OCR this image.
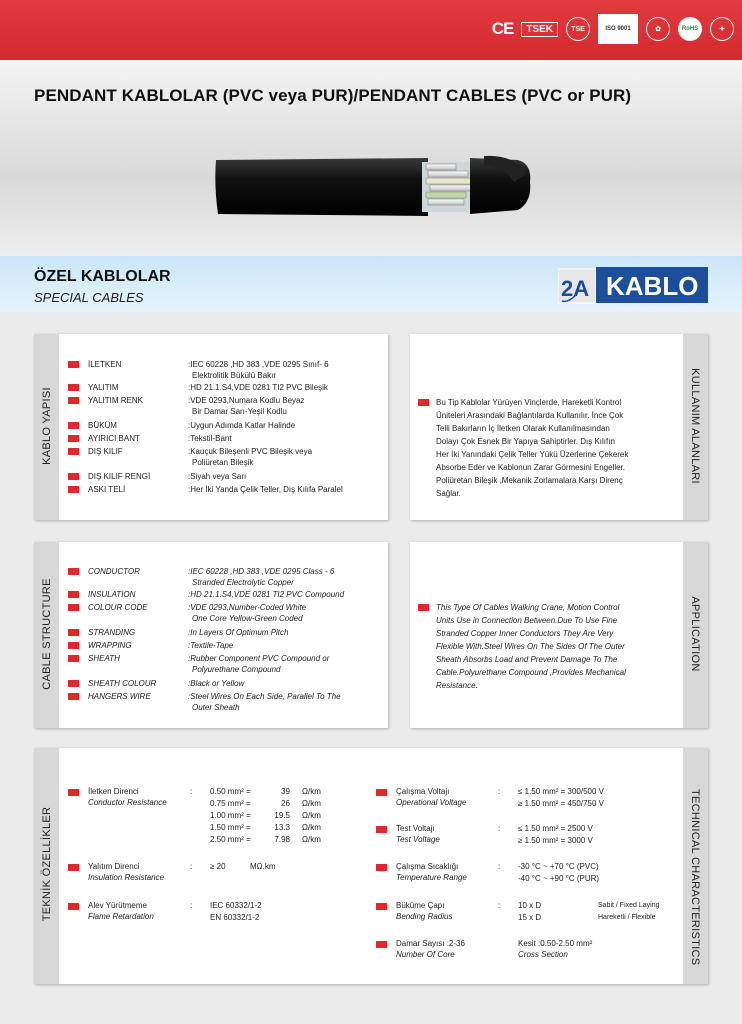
CE	TSEK	TSE	ISO 9001	✿	RoHS	✦
PENDANT KABLOLAR (PVC veya PUR)/PENDANT CABLES (PVC or PUR)
ÖZEL KABLOLAR
SPECIAL CABLES	2A KABLO
KABLO YAPISI
İLETKEN	:IEC 60228 ,HD 383 ,VDE 0295 Sınıf- 6
Elektrolitik Bükülü Bakır
YALITIM	:HD 21.1.S4,VDE 0281 TI2 PVC Bileşik
YALITIM RENK	:VDE 0293,Numara Kodlu Beyaz
Bir Damar Sarı-Yeşil Kodlu
BÜKÜM	:Uygun Adımda Katlar Halinde
AYIRICI BANT	:Tekstil-Bant
DIŞ KILIF	:Kauçuk Bileşenli PVC Bileşik veya
Poliüretan Bileşik
DIŞ KILIF RENGİ	:Siyah veya Sarı
ASKI TELİ	:Her İki Yanda Çelik Teller, Dış Kılıfa Paralel
KULLANIM ALANLARI
Bu Tip Kablolar Yürüyen Vinçlerde, Hareketli Kontrol
Üniteleri Arasındaki Bağlantılarda Kullanılır. İnce Çok
Telli Bakırların İç İletken Olarak Kullanılmasından
Dolayı Çok Esnek Bir Yapıya Sahiptirler. Dış Kılıfın
Her İki Yanındaki Çelik Teller Yükü Üzerlerine Çekerek
Absorbe Eder ve Kablonun Zarar Görmesini Engeller.
Poliüretan Bileşik ,Mekanik Zorlamalara Karşı Direnç
Sağlar.
CABLE STRUCTURE
CONDUCTOR	:IEC 60228 ,HD 383 ,VDE 0295 Class - 6
Stranded Electrolytic Copper
INSULATION	:HD 21.1.S4,VDE 0281 TI2 PVC Compound
COLOUR CODE	:VDE 0293,Number-Coded White
One Core Yellow-Green Coded
STRANDING	:In Layers Of Optimum Pitch
WRAPPING	:Textile-Tape
SHEATH	:Rubber Component PVC Compound or
Polyurethane Compound
SHEATH COLOUR	:Black or Yellow
HANGERS WIRE	:Steel Wires On Each Side, Parallel To The
Outer Sheath
APPLICATION
This Type Of Cables Walking Crane, Motion Control
Units Use in Connection Between.Due To Use Fine
Stranded Copper Inner Conductors They Are Very
Flexible With.Steel Wires On The Sides Of The Outer
Sheath Absorbs Load and Prevent Damage To The
Cable.Polyurethane Compound ,Provides Mechanical
Resistance.
TEKNİK ÖZELLİKLER	TECHNICAL CHARACTERISTICS
İletken Direnci
Conductor Resistance
: 0.50 mm² =	39 Ω/km
0.75 mm² =	26 Ω/km
1.00 mm² =	19.5 Ω/km
1.50 mm² =	13.3 Ω/km
2.50 mm² =	7.98 Ω/km
Yalıtım Direnci
Insulation Resistance
: ≥ 20	MΩ.km
Alev Yürütmeme
Flame Retardation
: IEC 60332/1-2
EN 60332/1-2
Çalışma Voltajı
Operational Voltage
: ≤ 1.50 mm² = 300/500 V
≥ 1.50 mm² = 450/750 V
Test Voltajı
Test Voltage
: ≤ 1.50 mm² = 2500 V
≥ 1.50 mm² = 3000 V
Çalışma Sıcaklığı
Temperature Range
: -30 °C ~ +70 °C (PVC)
-40 °C ~ +90 °C (PUR)
Büküme Çapı
Bending Radius
: 10 x D
15 x D
Sabit / Fixed Laying
Hareketli / Flexible
Damar Sayısı :2-36
Number Of Core
Kesit :0.50-2.50 mm²
Cross Section
